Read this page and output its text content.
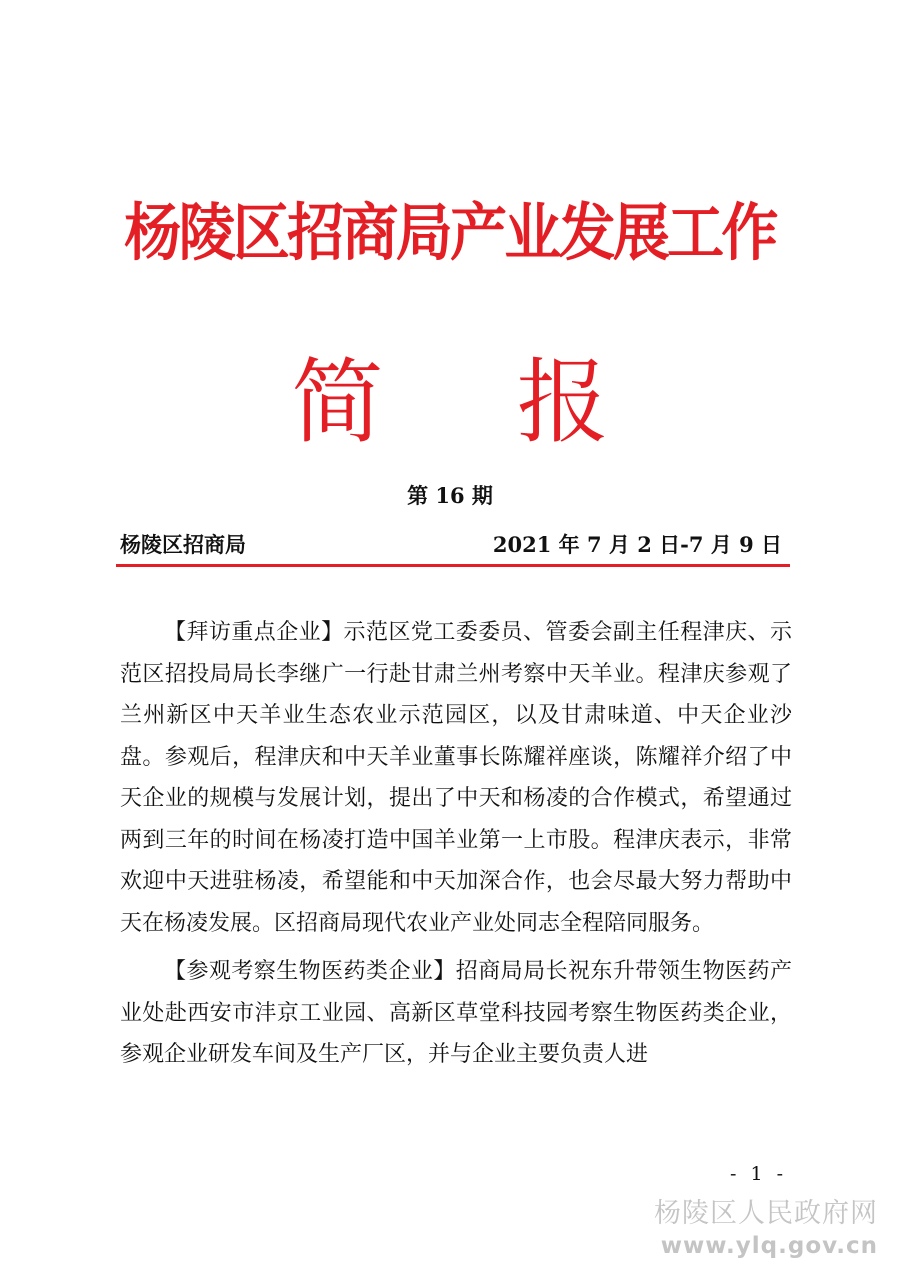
杨陵区招商局产业发展工作
简 报
第 16 期
杨陵区招商局	2021 年 7 月 2 日-7 月 9 日

【拜访重点企业】示范区党工委委员、管委会副主任程津庆、示范区招投局局长李继广一行赴甘肃兰州考察中天羊业。程津庆参观了兰州新区中天羊业生态农业示范园区，以及甘肃味道、中天企业沙盘。参观后，程津庆和中天羊业董事长陈耀祥座谈，陈耀祥介绍了中天企业的规模与发展计划，提出了中天和杨凌的合作模式，希望通过两到三年的时间在杨凌打造中国羊业第一上市股。程津庆表示，非常欢迎中天进驻杨凌，希望能和中天加深合作，也会尽最大努力帮助中天在杨凌发展。区招商局现代农业产业处同志全程陪同服务。

【参观考察生物医药类企业】招商局局长祝东升带领生物医药产业处赴西安市沣京工业园、高新区草堂科技园考察生物医药类企业，参观企业研发车间及生产厂区，并与企业主要负责人进

- 1 -
杨陵区人民政府网
www.ylq.gov.cn
